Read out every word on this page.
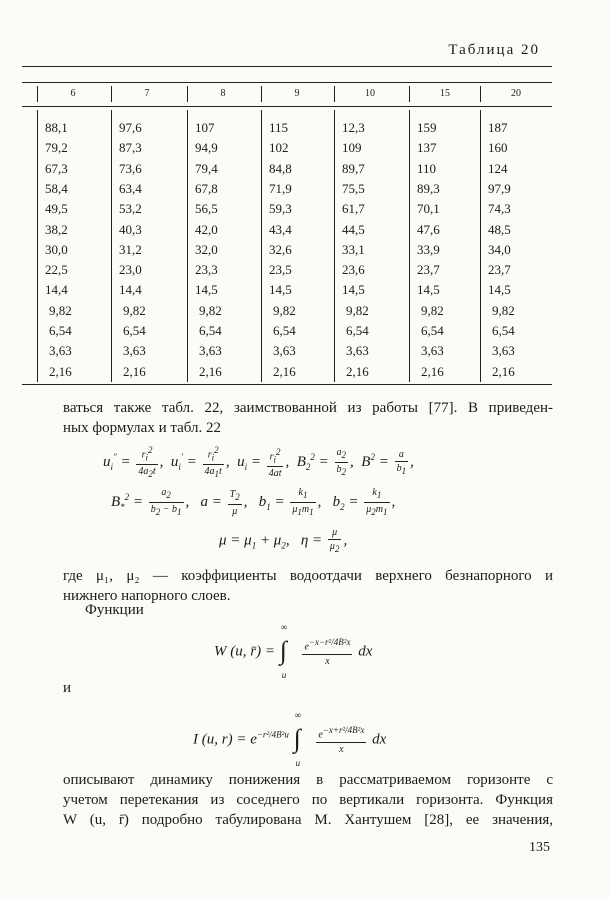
Таблица 20
6	7	8	9	10	15	20
88,1	97,6	107	115	12,3	159	187
79,2	87,3	94,9	102	109	137	160
67,3	73,6	79,4	84,8	89,7	110	124
58,4	63,4	67,8	71,9	75,5	89,3	97,9
49,5	53,2	56,5	59,3	61,7	70,1	74,3
38,2	40,3	42,0	43,4	44,5	47,6	48,5
30,0	31,2	32,0	32,6	33,1	33,9	34,0
22,5	23,0	23,3	23,5	23,6	23,7	23,7
14,4	14,4	14,5	14,5	14,5	14,5	14,5
9,82	9,82	9,82	9,82	9,82	9,82	9,82
6,54	6,54	6,54	6,54	6,54	6,54	6,54
3,63	3,63	3,63	3,63	3,63	3,63	3,63
2,16	2,16	2,16	2,16	2,16	2,16	2,16
ваться также табл. 22, заимствованной из работы [77]. В приведен-
ных формулах и табл. 22
$u_i'' = \frac{r_i^2}{4a_2t}$ ,  $u_i' = \frac{r_i^2}{4a_1t}$ ,  $u_i = \frac{r_i^2}{4at}$ ,  $B_2^2 = \frac{a_2}{b_2}$ ,  $B^2 = \frac{a}{b_1}$ ,
$B_*^2 = \frac{a_2}{b_2 - b_1}$ ,   $a = \frac{T_2}{\mu}$ ,   $b_1 = \frac{k_1}{\mu_1m_1}$ ,   $b_2 = \frac{k_1}{\mu_2m_1}$ ,
$\mu = \mu_1 + \mu_2$,   $\eta = \frac{\mu}{\mu_2}$ ,
где μ₁, μ₂ — коэффициенты водоотдачи верхнего безнапорного и
нижнего напорного слоев.
Функции
W (u, r̄) =
∞
∫
u

$\frac{e^{-x-r^2/4B^2x}}{x}$ dx
и
I (u, $r) = e^{-r^2/4B^2u}$
∞
∫
u

$\frac{e^{-x+r^2/4B^2x}}{x}$ dx
описывают динамику понижения в рассматриваемом горизонте с
учетом перетекания из соседнего по вертикали горизонта. Функция
W (u, r̄) подробно табулирована М. Хантушем [28], ее значения,
135
